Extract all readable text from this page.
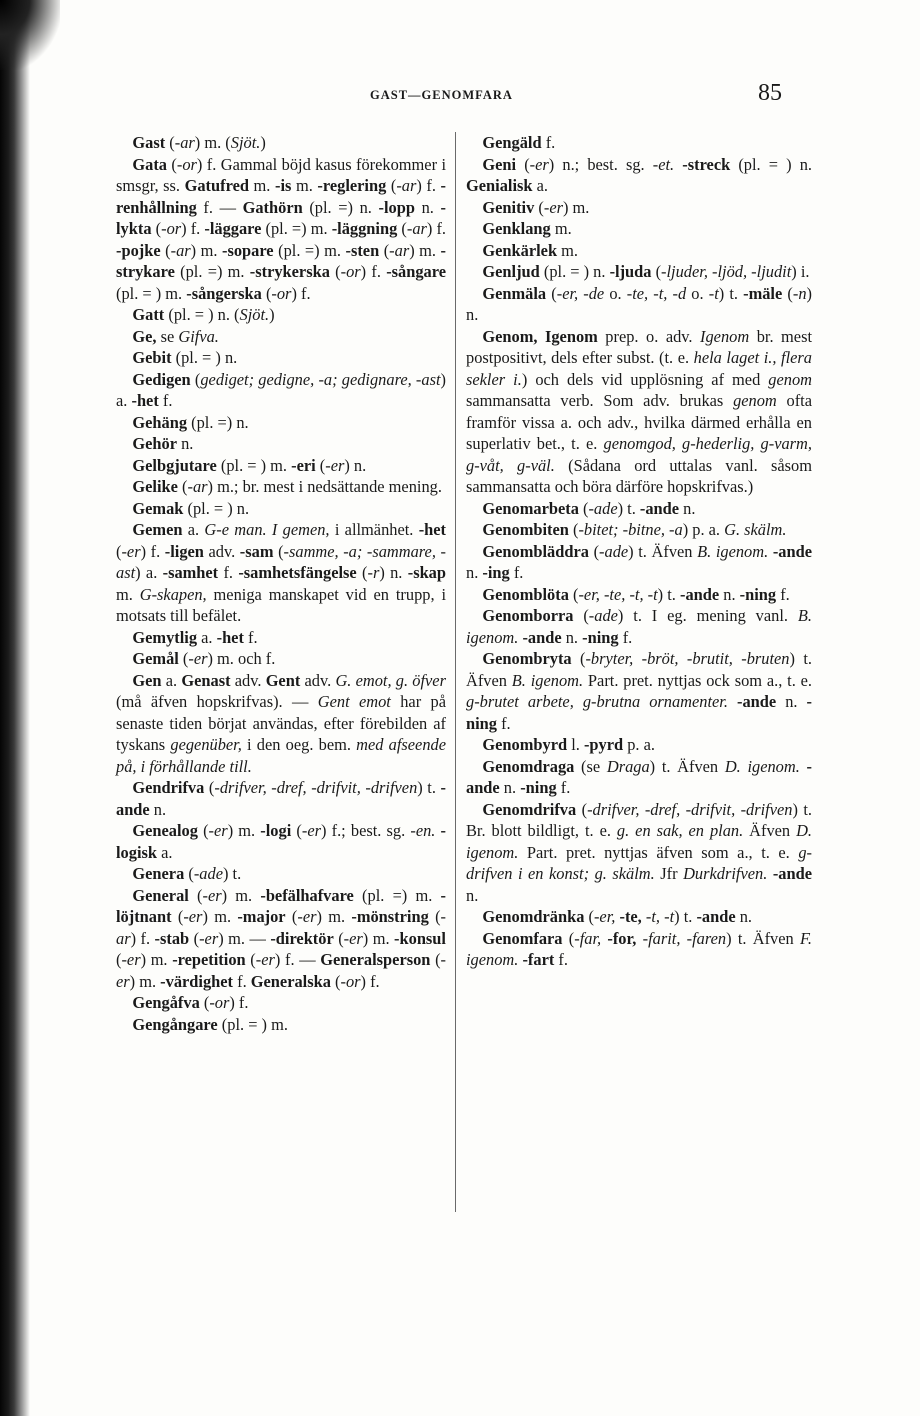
GAST—GENOMFARA	85

Gast (-ar) m. (Sjöt.)

Gata (-or) f. Gammal böjd kasus förekommer i smsgr, ss. Gatufred m. -is m. -reglering (-ar) f. -renhållning f. — Gathörn (pl. =) n. -lopp n. -lykta (-or) f. -läggare (pl. =) m. -läggning (-ar) f. -pojke (-ar) m. -sopare (pl. =) m. -sten (-ar) m. -strykare (pl. =) m. -strykerska (-or) f. -sångare (pl. = ) m. -sångerska (-or) f.

Gatt (pl. = ) n. (Sjöt.)

Ge, se Gifva.

Gebit (pl. = ) n.

Gedigen (gediget; gedigne, -a; gedignare, -ast) a. -het f.

Gehäng (pl. =) n.

Gehör n.

Gelbgjutare (pl. = ) m. -eri (-er) n.

Gelike (-ar) m.; br. mest i nedsättande mening.

Gemak (pl. = ) n.

Gemen a. G-e man. I gemen, i allmänhet. -het (-er) f. -ligen adv. -sam (-samme, -a; -sammare, -ast) a. -samhet f. -samhetsfängelse (-r) n. -skap m. G-skapen, meniga manskapet vid en trupp, i motsats till befälet.

Gemytlig a. -het f.

Gemål (-er) m. och f.

Gen a. Genast adv. Gent adv. G. emot, g. öfver (må äfven hopskrifvas). — Gent emot har på senaste tiden börjat användas, efter förebilden af tyskans gegenüber, i den oeg. bem. med afseende på, i förhållande till.

Gendrifva (-drifver, -dref, -drifvit, -drifven) t. -ande n.

Genealog (-er) m. -logi (-er) f.; best. sg. -en. -logisk a.

Genera (-ade) t.

General (-er) m. -befälhafvare (pl. =) m. -löjtnant (-er) m. -major (-er) m. -mönstring (-ar) f. -stab (-er) m. — -direktör (-er) m. -konsul (-er) m. -repetition (-er) f. — Generalsperson (-er) m. -värdighet f. Generalska (-or) f.

Gengåfva (-or) f.

Gengångare (pl. = ) m.

Gengäld f.

Geni (-er) n.; best. sg. -et. -streck (pl. = ) n. Genialisk a.

Genitiv (-er) m.

Genklang m.

Genkärlek m.

Genljud (pl. = ) n. -ljuda (-ljuder, -ljöd, -ljudit) i.

Genmäla (-er, -de o. -te, -t, -d o. -t) t. -mäle (-n) n.

Genom, Igenom prep. o. adv. Igenom br. mest postpositivt, dels efter subst. (t. e. hela laget i., flera sekler i.) och dels vid upplösning af med genom sammansatta verb. Som adv. brukas genom ofta framför vissa a. och adv., hvilka därmed erhålla en superlativ bet., t. e. genomgod, g-hederlig, g-varm, g-våt, g-väl. (Sådana ord uttalas vanl. såsom sammansatta och böra därföre hopskrifvas.)

Genomarbeta (-ade) t. -ande n.

Genombiten (-bitet; -bitne, -a) p. a. G. skälm.

Genombläddra (-ade) t. Äfven B. igenom. -ande n. -ing f.

Genomblöta (-er, -te, -t, -t) t. -ande n. -ning f.

Genomborra (-ade) t. I eg. mening vanl. B. igenom. -ande n. -ning f.

Genombryta (-bryter, -bröt, -brutit, -bruten) t. Äfven B. igenom. Part. pret. nyttjas ock som a., t. e. g-brutet arbete, g-brutna ornamenter. -ande n. -ning f.

Genombyrd l. -pyrd p. a.

Genomdraga (se Draga) t. Äfven D. igenom. -ande n. -ning f.

Genomdrifva (-drifver, -dref, -drifvit, -drifven) t. Br. blott bildligt, t. e. g. en sak, en plan. Äfven D. igenom. Part. pret. nyttjas äfven som a., t. e. g-drifven i en konst; g. skälm. Jfr Durkdrifven. -ande n.

Genomdränka (-er, -te, -t, -t) t. -ande n.

Genomfara (-far, -for, -farit, -faren) t. Äfven F. igenom. -fart f.
